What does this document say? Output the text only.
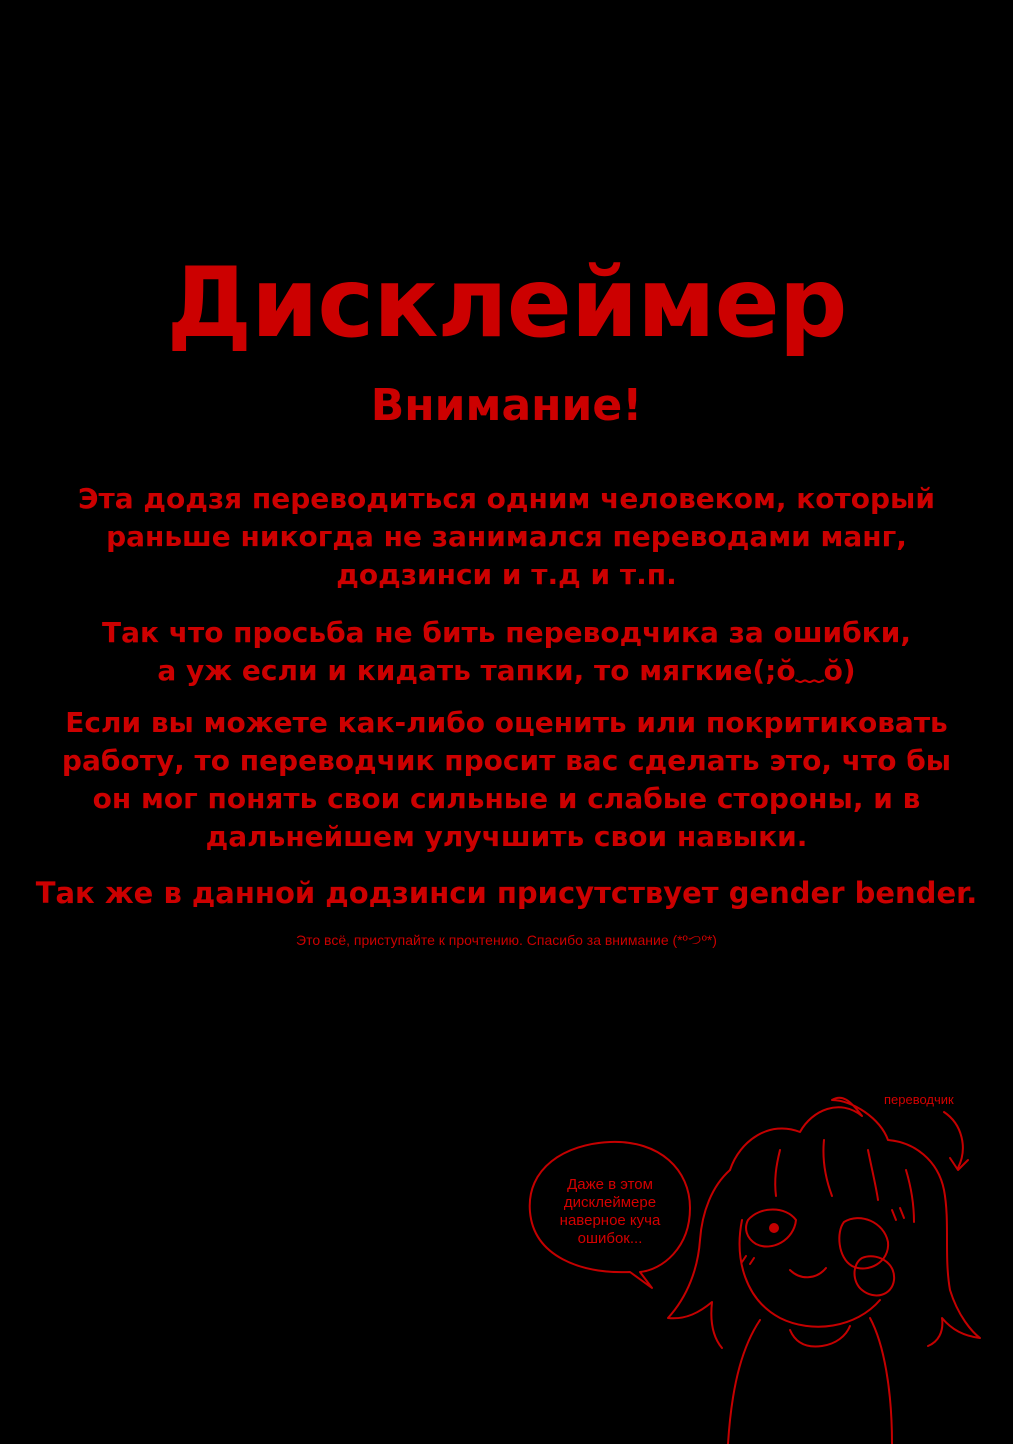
Дисклеймер
Внимание!
Эта додзя переводиться одним человеком, который
раньше никогда не занимался переводами манг,
додзинси и т.д и т.п.
Так что просьба не бить переводчика за ошибки,
а уж если и кидать тапки, то мягкие(;ŏ﹏ŏ)
Если вы можете как-либо оценить или покритиковать
работу, то переводчик просит вас сделать это, что бы
он мог понять свои сильные и слабые стороны, и в
дальнейшем улучшить свои навыки.
Так же в данной додзинси присутствует gender bender.
Это всё, приступайте к прочтению. Спасибо за внимание (*ºつº*)
переводчик
Даже в этом
дисклеймере
наверное куча
ошибок...
